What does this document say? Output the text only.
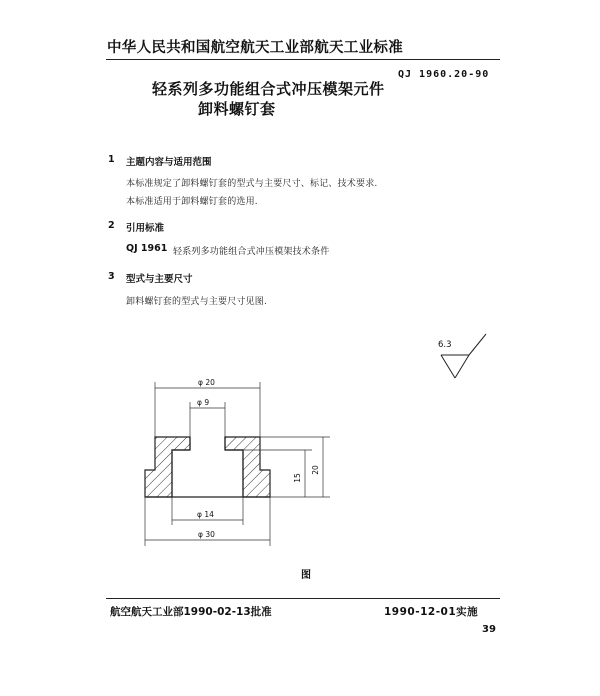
中华人民共和国航空航天工业部航天工业标准
QJ 1960.20-90
轻系列多功能组合式冲压模架元件
卸料螺钉套
1 主题内容与适用范围
本标准规定了卸料螺钉套的型式与主要尺寸、标记、技术要求.
本标准适用于卸料螺钉套的选用.
2 引用标准
QJ 1961 轻系列多功能组合式冲压模架技术条件
3 型式与主要尺寸
卸料螺钉套的型式与主要尺寸见图.
6.3
φ 20
φ 9
φ 14
φ 30
15
20
图
航空航天工业部1990-02-13批准	1990-12-01实施
39
